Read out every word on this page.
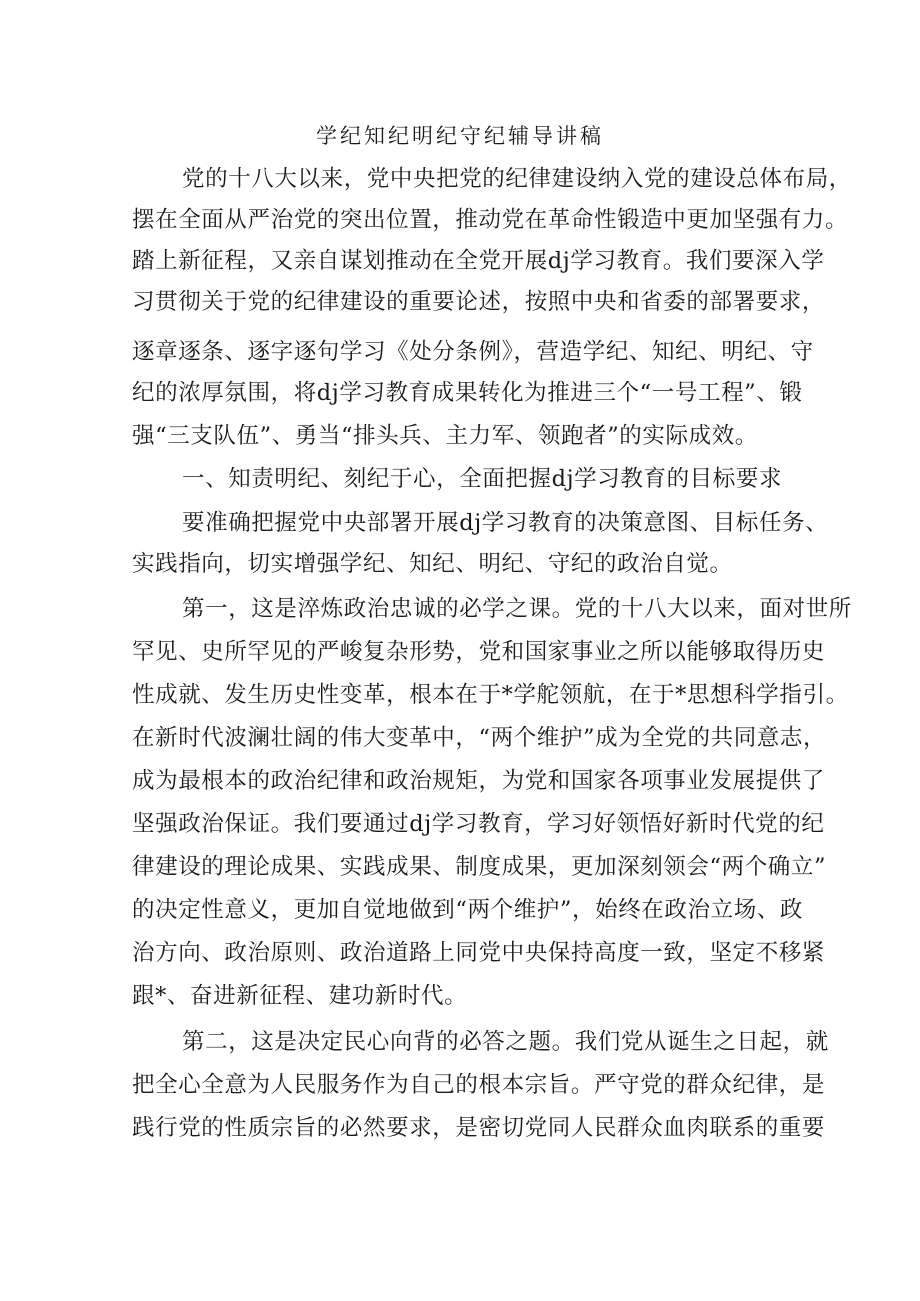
学纪知纪明纪守纪辅导讲稿
党的十八大以来，党中央把党的纪律建设纳入党的建设总体布局，
摆在全面从严治党的突出位置，推动党在革命性锻造中更加坚强有力。
踏上新征程，又亲自谋划推动在全党开展dj学习教育。我们要深入学
习贯彻关于党的纪律建设的重要论述，按照中央和省委的部署要求，
逐章逐条、逐字逐句学习《处分条例》，营造学纪、知纪、明纪、守
纪的浓厚氛围，将dj学习教育成果转化为推进三个“一号工程”、锻
强“三支队伍”、勇当“排头兵、主力军、领跑者”的实际成效。
一、知责明纪、刻纪于心，全面把握dj学习教育的目标要求
要准确把握党中央部署开展dj学习教育的决策意图、目标任务、
实践指向，切实增强学纪、知纪、明纪、守纪的政治自觉。
第一，这是淬炼政治忠诚的必学之课。党的十八大以来，面对世所
罕见、史所罕见的严峻复杂形势，党和国家事业之所以能够取得历史
性成就、发生历史性变革，根本在于*学舵领航，在于*思想科学指引。
在新时代波澜壮阔的伟大变革中，“两个维护”成为全党的共同意志，
成为最根本的政治纪律和政治规矩，为党和国家各项事业发展提供了
坚强政治保证。我们要通过dj学习教育，学习好领悟好新时代党的纪
律建设的理论成果、实践成果、制度成果，更加深刻领会“两个确立”
的决定性意义，更加自觉地做到“两个维护”，始终在政治立场、政
治方向、政治原则、政治道路上同党中央保持高度一致，坚定不移紧
跟*、奋进新征程、建功新时代。
第二，这是决定民心向背的必答之题。我们党从诞生之日起，就
把全心全意为人民服务作为自己的根本宗旨。严守党的群众纪律，是
践行党的性质宗旨的必然要求，是密切党同人民群众血肉联系的重要
